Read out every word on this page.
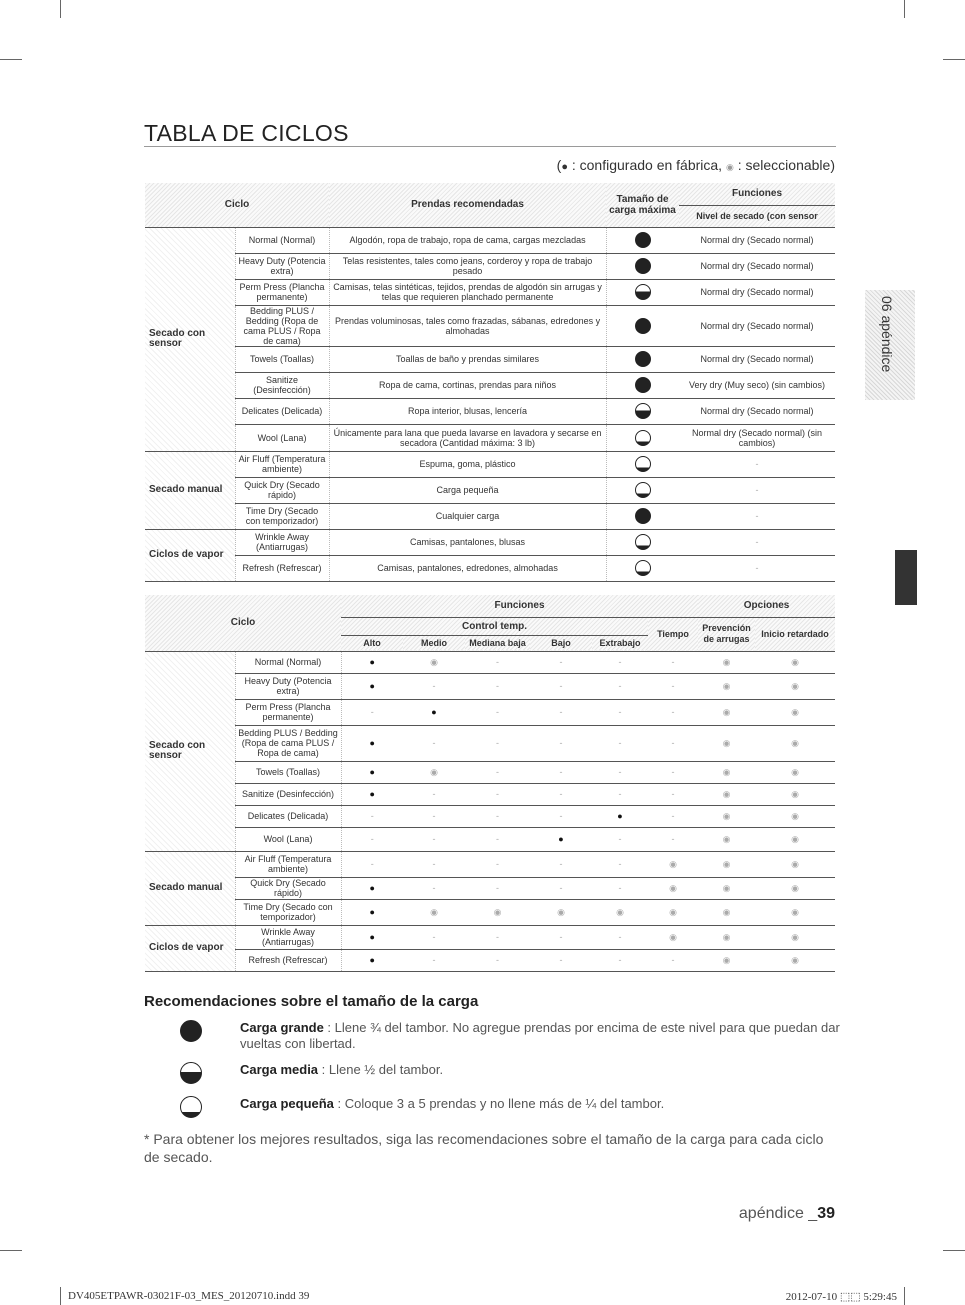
TABLA DE CICLOS
(● : configurado en fábrica, ◉ : seleccionable)
Ciclo		Prendas recomendadas	Tamaño de carga máxima	Funciones
				Nivel de secado (con sensor
Secado con sensor	Normal (Normal)	Algodón, ropa de trabajo, ropa de cama, cargas mezcladas		Normal dry (Secado normal)
	Heavy Duty (Potencia extra)	Telas resistentes, tales como jeans, corderoy y ropa de trabajo pesado		Normal dry (Secado normal)
	Perm Press (Plancha permanente)	Camisas, telas sintéticas, tejidos, prendas de algodón sin arrugas y telas que requieren planchado permanente		Normal dry (Secado normal)
	Bedding PLUS / Bedding (Ropa de cama PLUS / Ropa de cama)	Prendas voluminosas, tales como frazadas, sábanas, edredones y almohadas		Normal dry (Secado normal)
	Towels (Toallas)	Toallas de baño y prendas similares		Normal dry (Secado normal)
	Sanitize (Desinfección)	Ropa de cama, cortinas, prendas para niños		Very dry (Muy seco) (sin cambios)
	Delicates (Delicada)	Ropa interior, blusas, lencería		Normal dry (Secado normal)
	Wool (Lana)	Únicamente para lana que pueda lavarse en lavadora y secarse en secadora (Cantidad máxima: 3 lb)		Normal dry (Secado normal) (sin cambios)
Secado manual	Air Fluff (Temperatura ambiente)	Espuma, goma, plástico		-
	Quick Dry (Secado rápido)	Carga pequeña		-
	Time Dry (Secado con temporizador)	Cualquier carga		-
Ciclos de vapor	Wrinkle Away (Antiarrugas)	Camisas, pantalones, blusas		-
	Refresh (Refrescar)	Camisas, pantalones, edredones, almohadas		-
Ciclo		Funciones						Opciones	
		Control temp.					Tiempo	Prevención de arrugas	Inicio retardado
		Alto	Medio	Mediana baja	Bajo	Extrabajo			
Secado con sensor	Normal (Normal)	●	◉	-	-	-	-	◉	◉
	Heavy Duty (Potencia extra)	●	-	-	-	-	-	◉	◉
	Perm Press (Plancha permanente)	-	●	-	-	-	-	◉	◉
	Bedding PLUS / Bedding (Ropa de cama PLUS / Ropa de cama)	●	-	-	-	-	-	◉	◉
	Towels (Toallas)	●	◉	-	-	-	-	◉	◉
	Sanitize (Desinfección)	●	-	-	-	-	-	◉	◉
	Delicates (Delicada)	-	-	-	-	●	-	◉	◉
	Wool (Lana)	-	-	-	●	-	-	◉	◉
Secado manual	Air Fluff (Temperatura ambiente)	-	-	-	-	-	◉	◉	◉
	Quick Dry (Secado rápido)	●	-	-	-	-	◉	◉	◉
	Time Dry (Secado con temporizador)	●	◉	◉	◉	◉	◉	◉	◉
Ciclos de vapor	Wrinkle Away (Antiarrugas)	●	-	-	-	-	◉	◉	◉
	Refresh (Refrescar)	●	-	-	-	-	-	◉	◉
06 apéndice
Recomendaciones sobre el tamaño de la carga
Carga grande : Llene ¾ del tambor. No agregue prendas por encima de este nivel para que puedan dar vueltas con libertad.
Carga media : Llene ½ del tambor.
Carga pequeña : Coloque 3 a 5 prendas y no llene más de ¼ del tambor.
* Para obtener los mejores resultados, siga las recomendaciones sobre el tamaño de la carga para cada ciclo de secado.
apéndice _39
DV405ETPAWR-03021F-03_MES_20120710.indd 39	2012-07-10 ⬚⬚ 5:29:45
